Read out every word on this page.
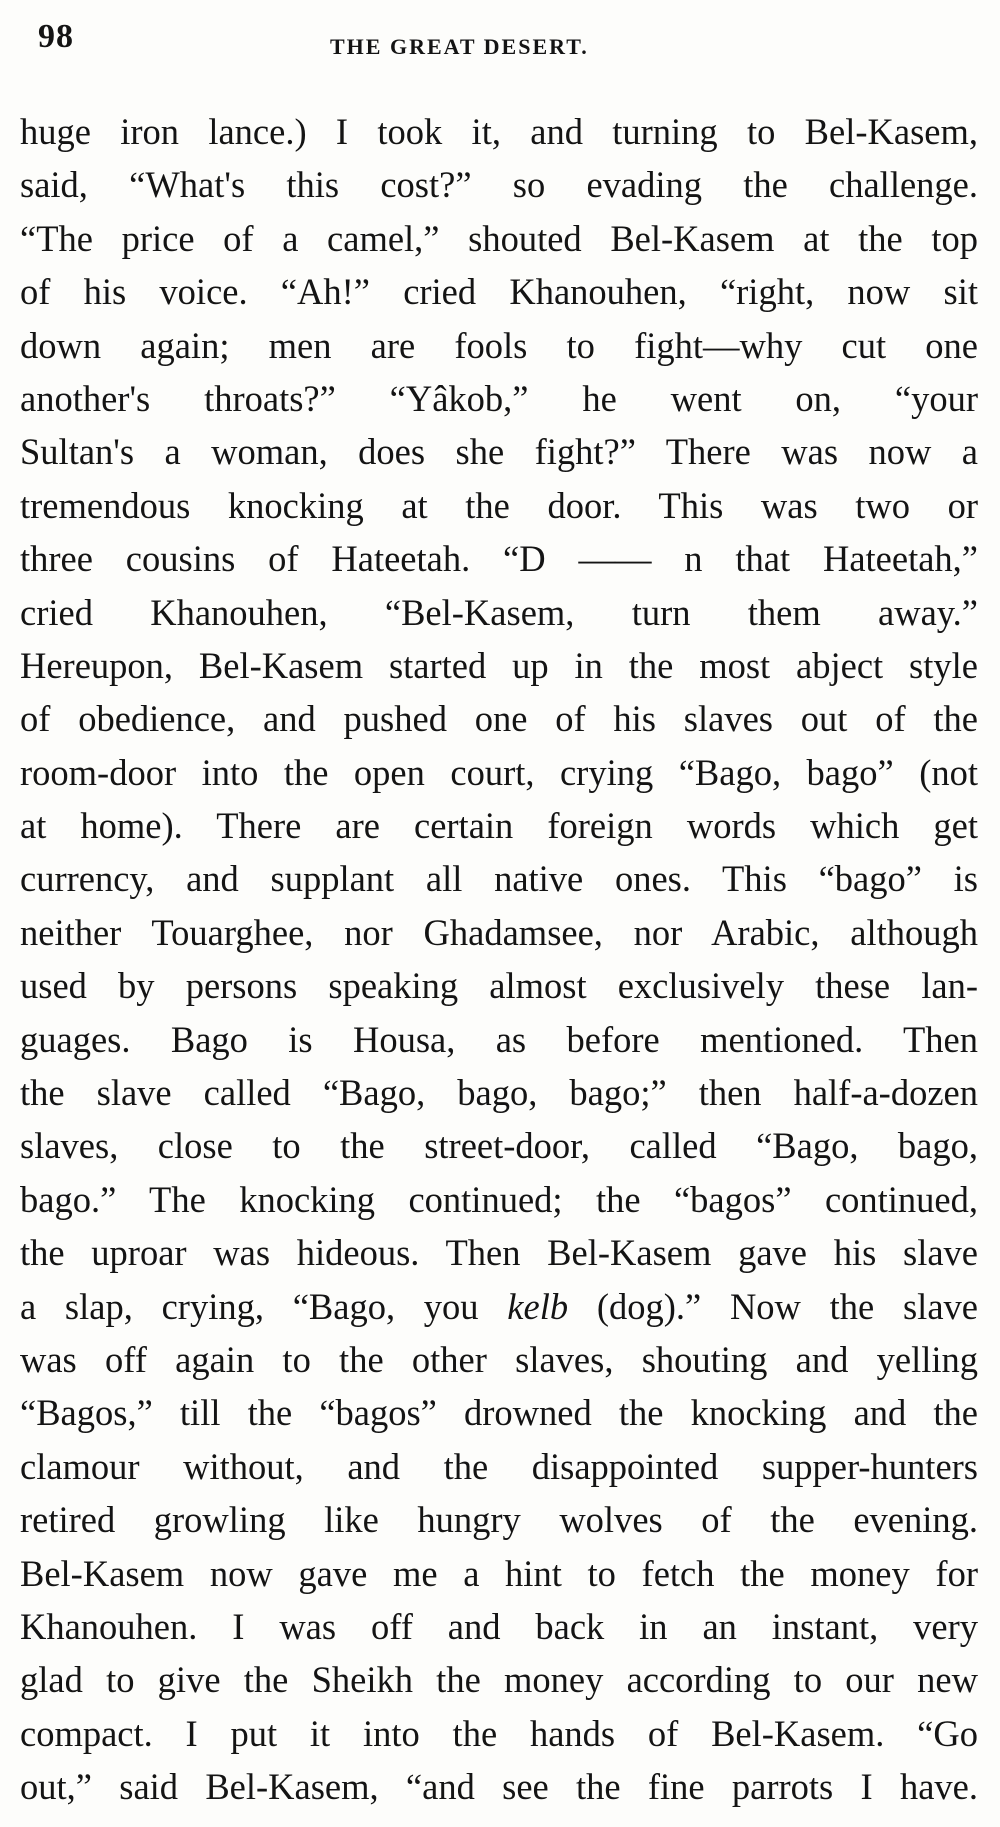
98	THE GREAT DESERT.
huge iron lance.) I took it, and turning to Bel-Kasem,
said, “What's this cost?” so evading the challenge.
“The price of a camel,” shouted Bel-Kasem at the top
of his voice. “Ah!” cried Khanouhen, “right, now sit
down again; men are fools to fight—why cut one
another's throats?” “Yâkob,” he went on, “your
Sultan's a woman, does she fight?” There was now a
tremendous knocking at the door. This was two or
three cousins of Hateetah. “D —— n that Hateetah,”
cried Khanouhen, “Bel-Kasem, turn them away.”
Hereupon, Bel-Kasem started up in the most abject style
of obedience, and pushed one of his slaves out of the
room-door into the open court, crying “Bago, bago” (not
at home). There are certain foreign words which get
currency, and supplant all native ones. This “bago” is
neither Touarghee, nor Ghadamsee, nor Arabic, although
used by persons speaking almost exclusively these lan-
guages. Bago is Housa, as before mentioned. Then
the slave called “Bago, bago, bago;” then half-a-dozen
slaves, close to the street-door, called “Bago, bago,
bago.” The knocking continued; the “bagos” continued,
the uproar was hideous. Then Bel-Kasem gave his slave
a slap, crying, “Bago, you kelb (dog).” Now the slave
was off again to the other slaves, shouting and yelling
“Bagos,” till the “bagos” drowned the knocking and the
clamour without, and the disappointed supper-hunters
retired growling like hungry wolves of the evening.
Bel-Kasem now gave me a hint to fetch the money for
Khanouhen. I was off and back in an instant, very
glad to give the Sheikh the money according to our new
compact. I put it into the hands of Bel-Kasem. “Go
out,” said Bel-Kasem, “and see the fine parrots I have.
